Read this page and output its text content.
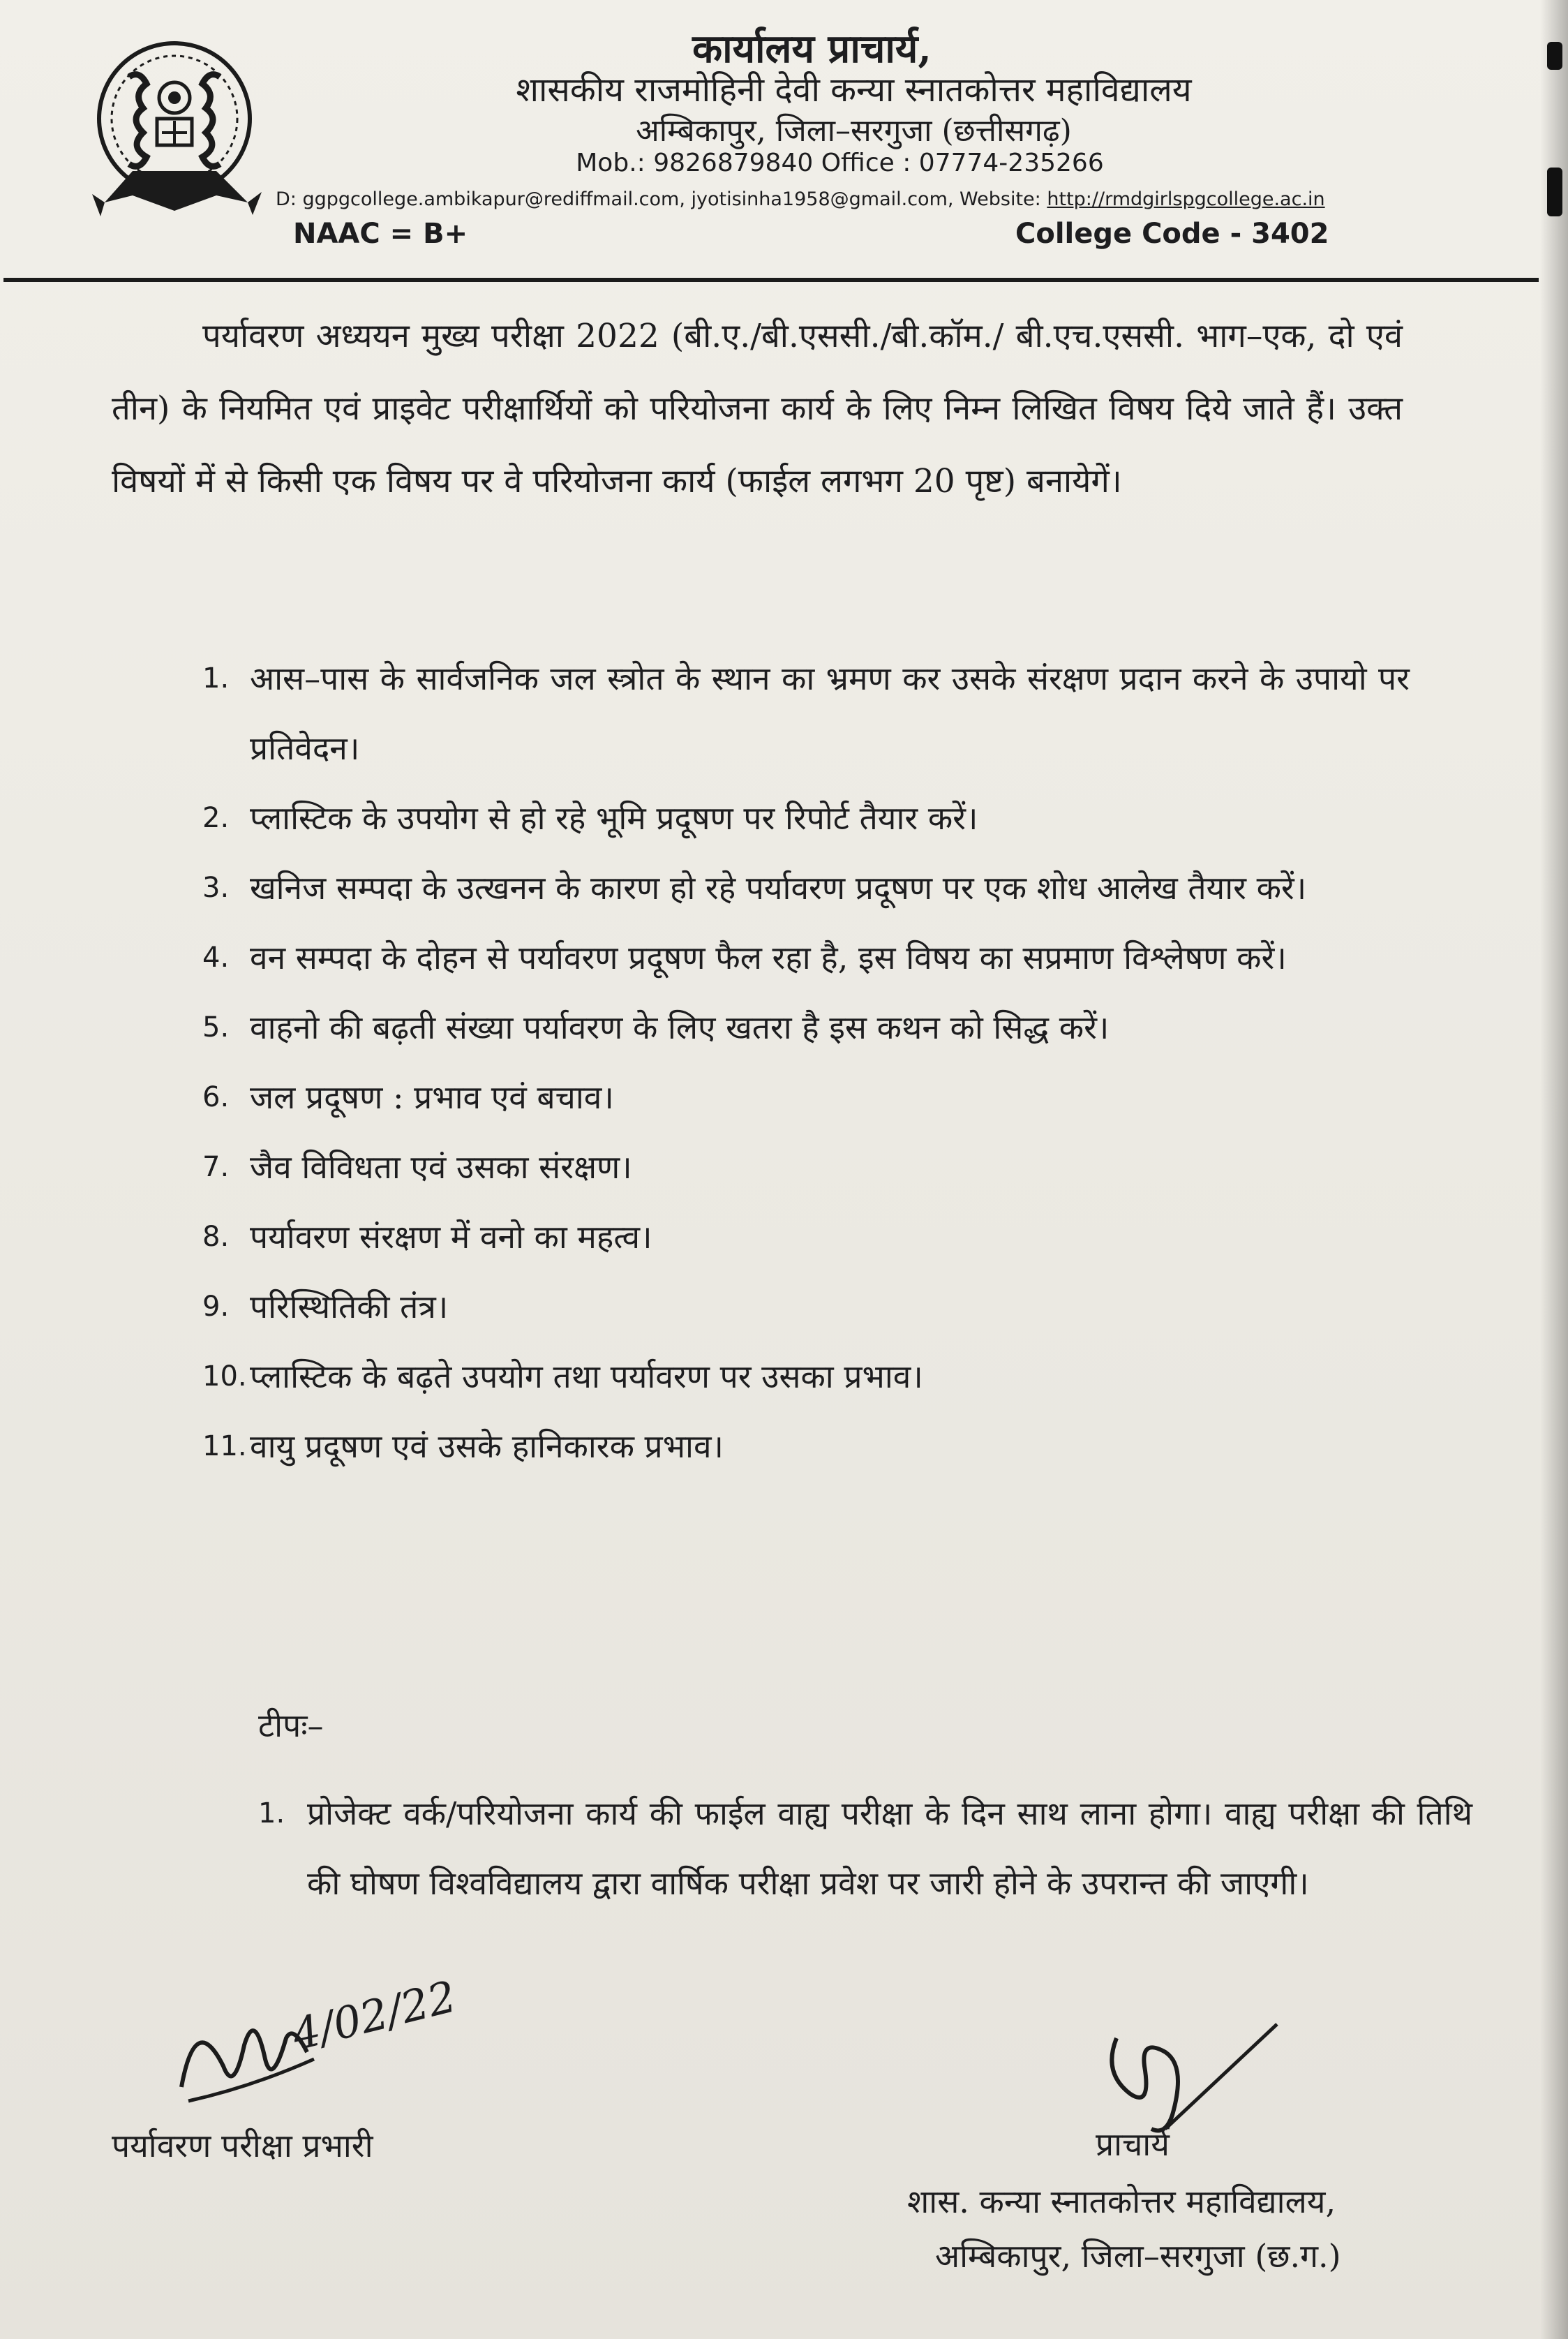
कार्यालय प्राचार्य,
शासकीय राजमोहिनी देवी कन्या स्नातकोत्तर महाविद्यालय
अम्बिकापुर, जिला–सरगुजा (छत्तीसगढ़)
Mob.: 9826879840 Office : 07774-235266
D: ggpgcollege.ambikapur@rediffmail.com, jyotisinha1958@gmail.com, Website: http://rmdgirlspgcollege.ac.in
NAAC = B+	College Code - 3402
पर्यावरण अध्ययन मुख्य परीक्षा 2022 (बी.ए./बी.एससी./बी.कॉम./ बी.एच.एससी. भाग–एक, दो एवं तीन) के नियमित एवं प्राइवेट परीक्षार्थियों को परियोजना कार्य के लिए निम्न लिखित विषय दिये जाते हैं। उक्त विषयों में से किसी एक विषय पर वे परियोजना कार्य (फाईल लगभग 20 पृष्ट) बनायेगें।
1. आस–पास के सार्वजनिक जल स्त्रोत के स्थान का भ्रमण कर उसके संरक्षण प्रदान करने के उपायो पर प्रतिवेदन।
2. प्लास्टिक के उपयोग से हो रहे भूमि प्रदूषण पर रिपोर्ट तैयार करें।
3. खनिज सम्पदा के उत्खनन के कारण हो रहे पर्यावरण प्रदूषण पर एक शोध आलेख तैयार करें।
4. वन सम्पदा के दोहन से पर्यावरण प्रदूषण फैल रहा है, इस विषय का सप्रमाण विश्लेषण करें।
5. वाहनो की बढ़ती संख्या पर्यावरण के लिए खतरा है इस कथन को सिद्ध करें।
6. जल प्रदूषण : प्रभाव एवं बचाव।
7. जैव विविधता एवं उसका संरक्षण।
8. पर्यावरण संरक्षण में वनो का महत्व।
9. परिस्थितिकी तंत्र।
10. प्लास्टिक के बढ़ते उपयोग तथा पर्यावरण पर उसका प्रभाव।
11. वायु प्रदूषण एवं उसके हानिकारक प्रभाव।
टीपः–
1. प्रोजेक्ट वर्क/परियोजना कार्य की फाईल वाह्य परीक्षा के दिन साथ लाना होगा। वाह्य परीक्षा की तिथि की घोषण विश्वविद्यालय द्वारा वार्षिक परीक्षा प्रवेश पर जारी होने के उपरान्त की जाएगी।
4/02/22
पर्यावरण परीक्षा प्रभारी	प्राचार्य
शास. कन्या स्नातकोत्तर महाविद्यालय,
अम्बिकापुर, जिला–सरगुजा (छ.ग.)
